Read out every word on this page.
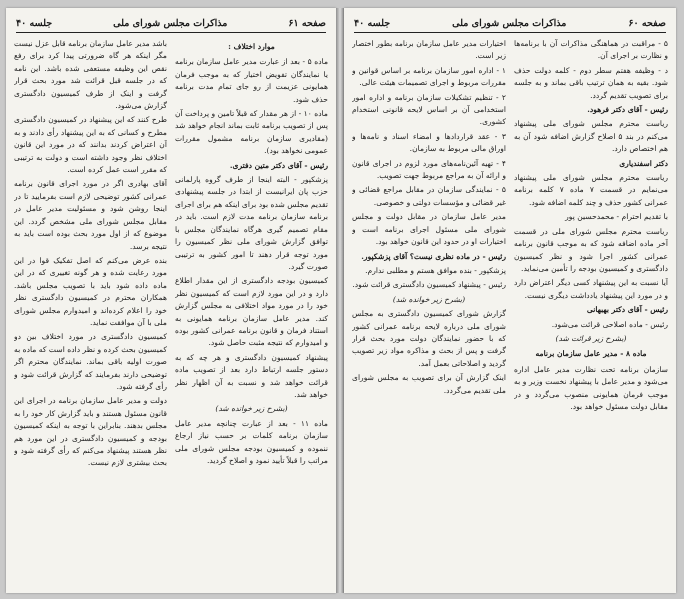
صفحه ۶۱
مذاکرات مجلس شورای ملی
جلسه ۴۰

موارد اختلاف :

ماده ۵ - بعد از عبارت مدیر عامل سازمان برنامه یا نمایندگان تفویض اختیار که به موجب فرمان همایونی عزیمت از رو جای تمام مدت برنامه حذف شود.

ماده ۱۰ - از هر مقدار که قبلاً تامین و پرداخت آن پس از تصویب برنامه ثابت بماند انجام خواهد شد (مقادیری سازمان برنامه مشمول مقررات عمومی نخواهد بود).

رئیس - آقای دکتر متین دفتری.

پزشکپور - البته اینجا از طرف گروه پارلمانی حزب پان ایرانیست از ابتدا در جلسه پیشنهادی تقدیم مجلس شده بود برای اینکه هم برای اجرای برنامه سازمان برنامه مدت لازم است. باید در مقام تصمیم گیری هرگاه نمایندگان مجلس با توافق گزارش شورای ملی نظر کمیسیون را مورد توجه قرار دهند تا امور کشور به ترتیبی صورت گیرد.

کمیسیون بودجه دادگستری از این مقدار اطلاع دارد و در این مورد لازم است که کمیسیون نظر خود را در مورد مواد اختلافی به مجلس گزارش کند. مدیر عامل سازمان برنامه همایونی به استناد فرمان و قانون برنامه عمرانی کشور بوده و امیدوارم که نتیجه مثبت حاصل شود.

پیشنهاد کمیسیون دادگستری و هر چه که به دستور جلسه ارتباط دارد بعد از تصویب ماده قرائت خواهد شد و نسبت به آن اظهار نظر خواهد شد.

(بشرح زیر خوانده شد)

ماده ۱۱ - بعد از عبارت چنانچه مدیر عامل سازمان برنامه کلمات بر حسب نیاز ارجاع ننموده و کمیسیون بودجه مجلس شورای ملی مراتب را قبلاً تأیید نمود و اصلاح گردید.

باشد مدیر عامل سازمان برنامه قابل عزل نیست مگر اینکه هر گاه ضرورتی پیدا کرد برای رفع نقص این وظیفه مستعفی شده باشد. این نامه که در جلسه قبل قرائت شد مورد بحث قرار گرفت و اینک از طرف کمیسیون دادگستری گزارش می‌شود.

طرح کنند که این پیشنهاد در کمیسیون دادگستری مطرح و کسانی که به این پیشنهاد رأی دادند و به آن اعتراض کردند بدانند که در مورد این قانون اختلاف نظر وجود داشته است و دولت به ترتیبی که مقرر است عمل کرده است.

آقای بهادری اگر در مورد اجرای قانون برنامه عمرانی کشور توضیحی لازم است بفرمایید تا در اینجا روشن شود و مسئولیت مدیر عامل در مقابل مجلس شورای ملی مشخص گردد. این موضوع که از اول مورد بحث بوده است باید به نتیجه برسد.

بنده عرض می‌کنم که اصل تفکیک قوا در این مورد رعایت شده و هر گونه تغییری که در این ماده داده شود باید با تصویب مجلس باشد. همکاران محترم در کمیسیون دادگستری نظر خود را اعلام کرده‌اند و امیدوارم مجلس شورای ملی با آن موافقت نماید.

کمیسیون دادگستری در مورد اختلاف بین دو کمیسیون بحث کرده و نظر داده است که ماده به صورت اولیه باقی بماند. نمایندگان محترم اگر توضیحی دارند بفرمایند که گزارش قرائت شود و رأی گرفته شود.

دولت و مدیر عامل سازمان برنامه در اجرای این قانون مسئول هستند و باید گزارش کار خود را به مجلس بدهند. بنابراین با توجه به اینکه کمیسیون بودجه و کمیسیون دادگستری در این مورد هم نظر هستند پیشنهاد می‌کنم که رأی گرفته شود و بحث بیشتری لازم نیست.

صفحه ۶۰
مذاکرات مجلس شورای ملی
جلسه ۴۰

۵ - مراقبت در هماهنگی مذاکرات آن با برنامه‌ها و نظارت بر اجرای آن.

د - وظیفه هفتم سطر دوم - کلمه دولت حذف شود. بقیه به همان ترتیب باقی بماند و به جلسه برای تصویب تقدیم گردد.

رئیس - آقای دکتر فرهود.

ریاست محترم مجلس شورای ملی پیشنهاد می‌کنم در بند ۵ اصلاح گزارش اضافه شود آن به هم اختصاص دارد.

دکتر اسفندیاری

ریاست محترم مجلس شورای ملی پیشنهاد می‌نمایم در قسمت ۷ ماده ۷ کلمه برنامه عمرانی کشور حذف و چند کلمه اضافه شود.

با تقدیم احترام - محمدحسین پور

ریاست محترم مجلس شورای ملی در قسمت آخر ماده اضافه شود که به موجب قانون برنامه عمرانی کشور اجرا شود و نظر کمیسیون دادگستری و کمیسیون بودجه را تأمین می‌نماید.

آیا نسبت به این پیشنهاد کسی دیگر اعتراض دارد و در مورد این پیشنهاد یادداشت دیگری نیست.

رئیس - آقای دکتر بهبهانی

رئیس - ماده اصلاحی قرائت می‌شود.

(بشرح زیر قرائت شد)

ماده ۸ - مدیر عامل سازمان برنامه

سازمان برنامه تحت نظارت مدیر عامل اداره می‌شود و مدیر عامل با پیشنهاد نخست وزیر و به موجب فرمان همایونی منصوب می‌گردد و در مقابل دولت مسئول خواهد بود.

اختیارات مدیر عامل سازمان برنامه بطور اختصار زیر است.

۱ - اداره امور سازمان برنامه بر اساس قوانین و مقررات مربوط و اجرای تصمیمات هیئت عالی.

۲ - تنظیم تشکیلات سازمان برنامه و اداره امور استخدامی آن بر اساس لایحه قانونی استخدام کشوری.

۳ - عقد قراردادها و امضاء اسناد و نامه‌ها و اوراق مالی مربوط به سازمان.

۴ - تهیه آئین‌نامه‌های مورد لزوم در اجرای قانون و ارائه آن به مراجع مربوط جهت تصویب.

۵ - نمایندگی سازمان در مقابل مراجع قضائی و غیر قضائی و مؤسسات دولتی و خصوصی.

مدیر عامل سازمان در مقابل دولت و مجلس شورای ملی مسئول اجرای برنامه است و اختیارات او در حدود این قانون خواهد بود.

رئیس - در ماده نظری نیست؟ آقای پزشکپور.

پزشکپور - بنده موافق هستم و مطلبی ندارم.

رئیس - پیشنهاد کمیسیون دادگستری قرائت شود.

(بشرح زیر خوانده شد)

گزارش شورای کمیسیون دادگستری به مجلس شورای ملی درباره لایحه برنامه عمرانی کشور که با حضور نمایندگان دولت مورد بحث قرار گرفت و پس از بحث و مذاکره مواد زیر تصویب گردید و اصلاحاتی بعمل آمد.

اینک گزارش آن برای تصویب به مجلس شورای ملی تقدیم می‌گردد.
